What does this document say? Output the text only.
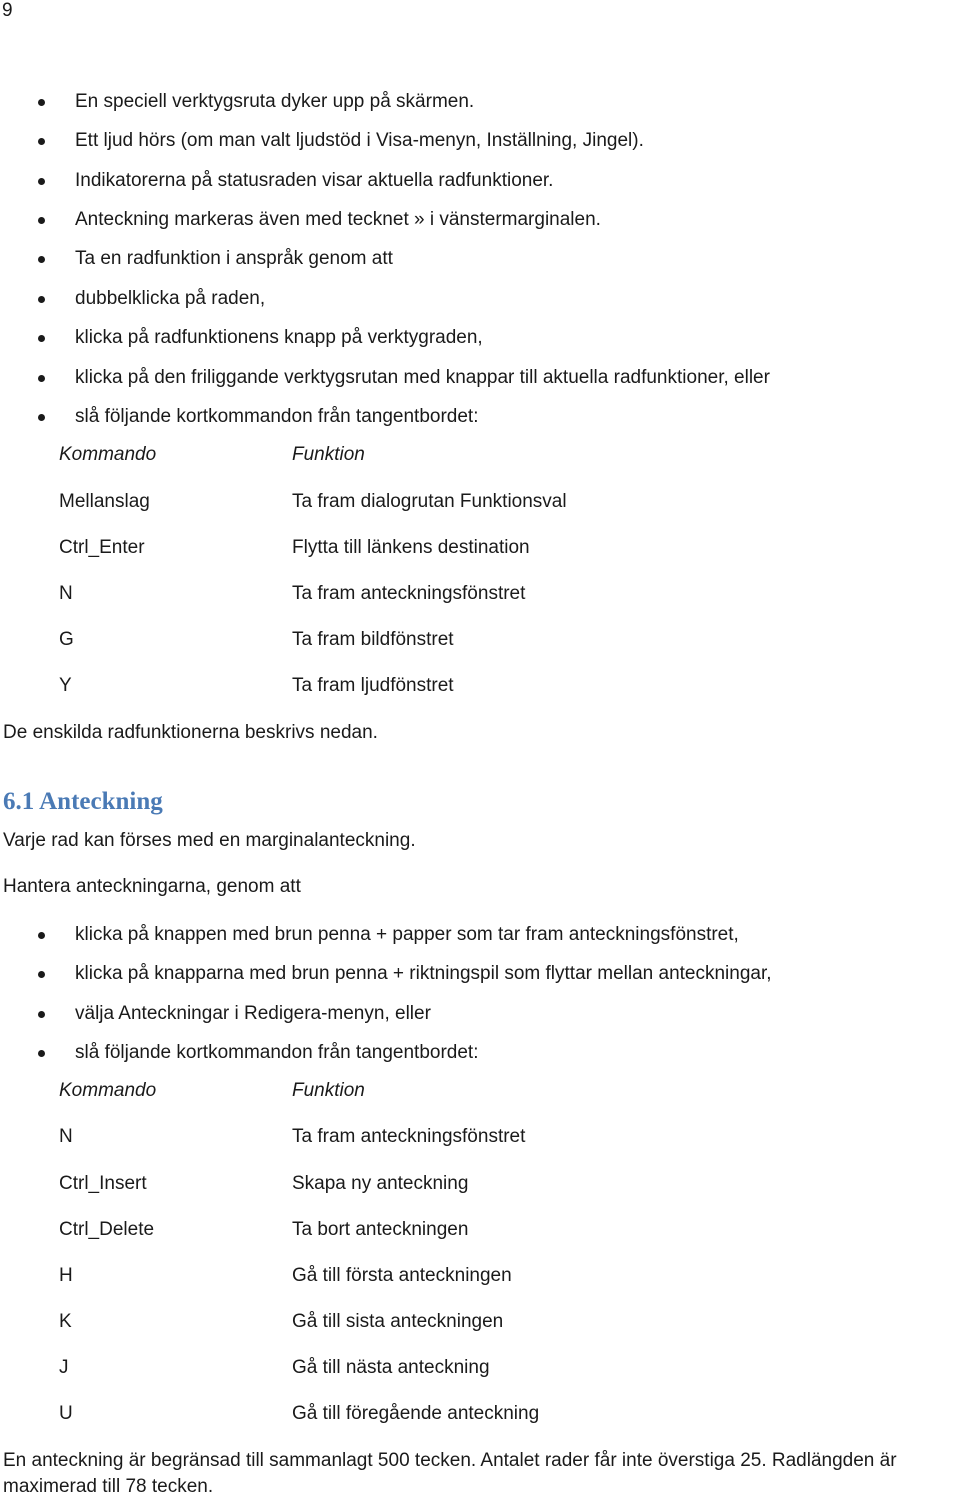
9
En speciell verktygsruta dyker upp på skärmen.
Ett ljud hörs (om man valt ljudstöd i Visa-menyn, Inställning, Jingel).
Indikatorerna på statusraden visar aktuella radfunktioner.
Anteckning markeras även med tecknet » i vänstermarginalen.
Ta en radfunktion i anspråk genom att
dubbelklicka på raden,
klicka på radfunktionens knapp på verktygraden,
klicka på den friliggande verktygsrutan med knappar till aktuella radfunktioner, eller
slå följande kortkommandon från tangentbordet:
Kommando	Funktion
Mellanslag	Ta fram dialogrutan Funktionsval
Ctrl_Enter	Flytta till länkens destination
N	Ta fram anteckningsfönstret
G	Ta fram bildfönstret
Y	Ta fram ljudfönstret
De enskilda radfunktionerna beskrivs nedan.
6.1 Anteckning
Varje rad kan förses med en marginalanteckning.
Hantera anteckningarna, genom att
klicka på knappen med brun penna + papper som tar fram anteckningsfönstret,
klicka på knapparna med brun penna + riktningspil som flyttar mellan anteckningar,
välja Anteckningar i Redigera-menyn, eller
slå följande kortkommandon från tangentbordet:
Kommando	Funktion
N	Ta fram anteckningsfönstret
Ctrl_Insert	Skapa ny anteckning
Ctrl_Delete	Ta bort anteckningen
H	Gå till första anteckningen
K	Gå till sista anteckningen
J	Gå till nästa anteckning
U	Gå till föregående anteckning
En anteckning är begränsad till sammanlagt 500 tecken. Antalet rader får inte överstiga 25. Radlängden är maximerad till 78 tecken.
